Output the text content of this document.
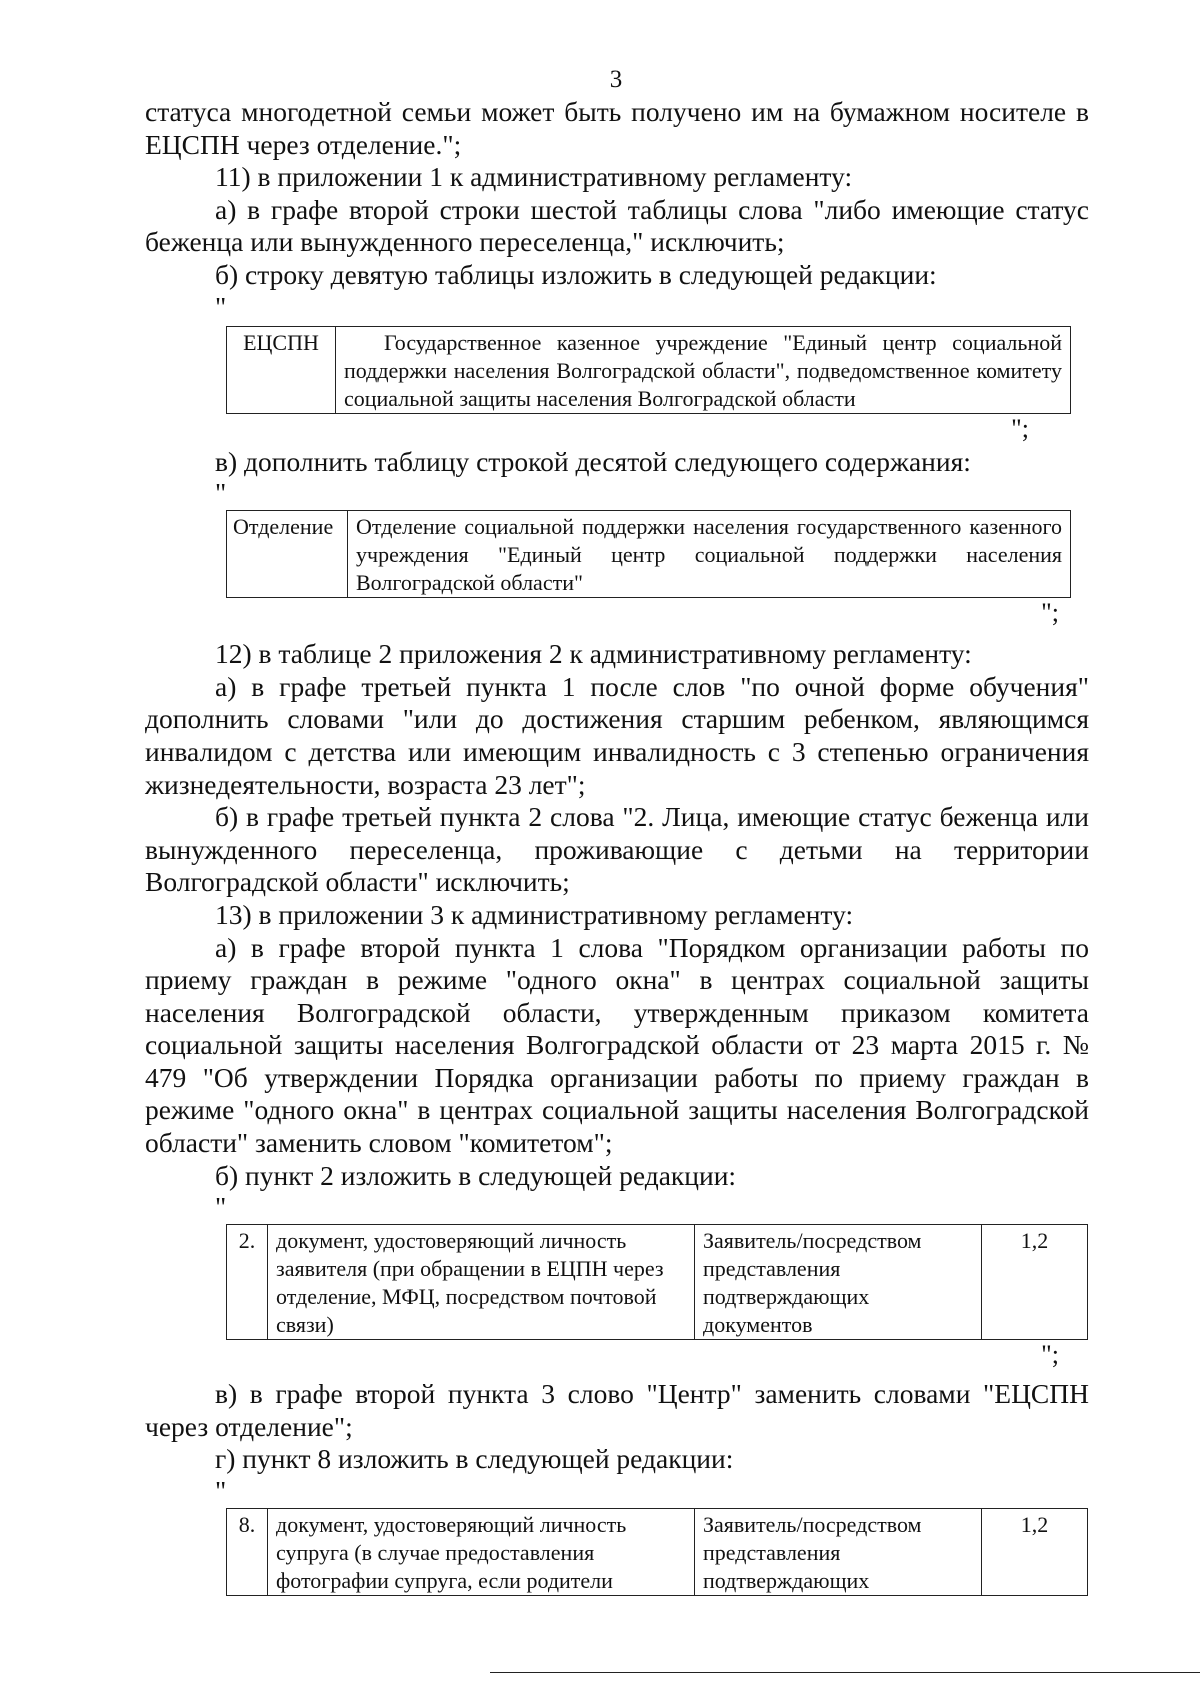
3

статуса многодетной семьи может быть получено им на бумажном носителе в ЕЦСПН через отделение.";

11) в приложении 1 к административному регламенту:

а) в графе второй строки шестой таблицы слова "либо имеющие статус беженца или вынужденного переселенца," исключить;

б) строку девятую таблицы изложить в следующей редакции:

"
ЕЦСПН	Государственное казенное учреждение "Единый центр социальной поддержки населения Волгоградской области", подведомственное комитету социальной защиты населения Волгоградской области
";

в) дополнить таблицу строкой десятой следующего содержания:

"
Отделение	Отделение социальной поддержки населения государственного казенного учреждения "Единый центр социальной поддержки населения Волгоградской области"
";

12) в таблице 2 приложения 2 к административному регламенту:

а) в графе третьей пункта 1 после слов "по очной форме обучения" дополнить словами "или до достижения старшим ребенком, являющимся инвалидом с детства или имеющим инвалидность с 3 степенью ограничения жизнедеятельности, возраста 23 лет";

б) в графе третьей пункта 2 слова "2. Лица, имеющие статус беженца или вынужденного переселенца, проживающие с детьми на территории Волгоградской области" исключить;

13) в приложении 3 к административному регламенту:

а) в графе второй пункта 1 слова "Порядком организации работы по приему граждан в режиме "одного окна" в центрах социальной защиты населения Волгоградской области, утвержденным приказом комитета социальной защиты населения Волгоградской области от 23 марта 2015 г. № 479 "Об утверждении Порядка организации работы по приему граждан в режиме "одного окна" в центрах социальной защиты населения Волгоградской области" заменить словом "комитетом";

б) пункт 2 изложить в следующей редакции:

"
2.	документ, удостоверяющий личность заявителя (при обращении в ЕЦПН через отделение, МФЦ, посредством почтовой связи)	Заявитель/посредством представления подтверждающих документов	1,2
";

в) в графе второй пункта 3 слово "Центр" заменить словами "ЕЦСПН через отделение";

г) пункт 8 изложить в следующей редакции:

"
8.	документ, удостоверяющий личность супруга (в случае предоставления фотографии супруга, если родители	Заявитель/посредством представления подтверждающих	1,2
